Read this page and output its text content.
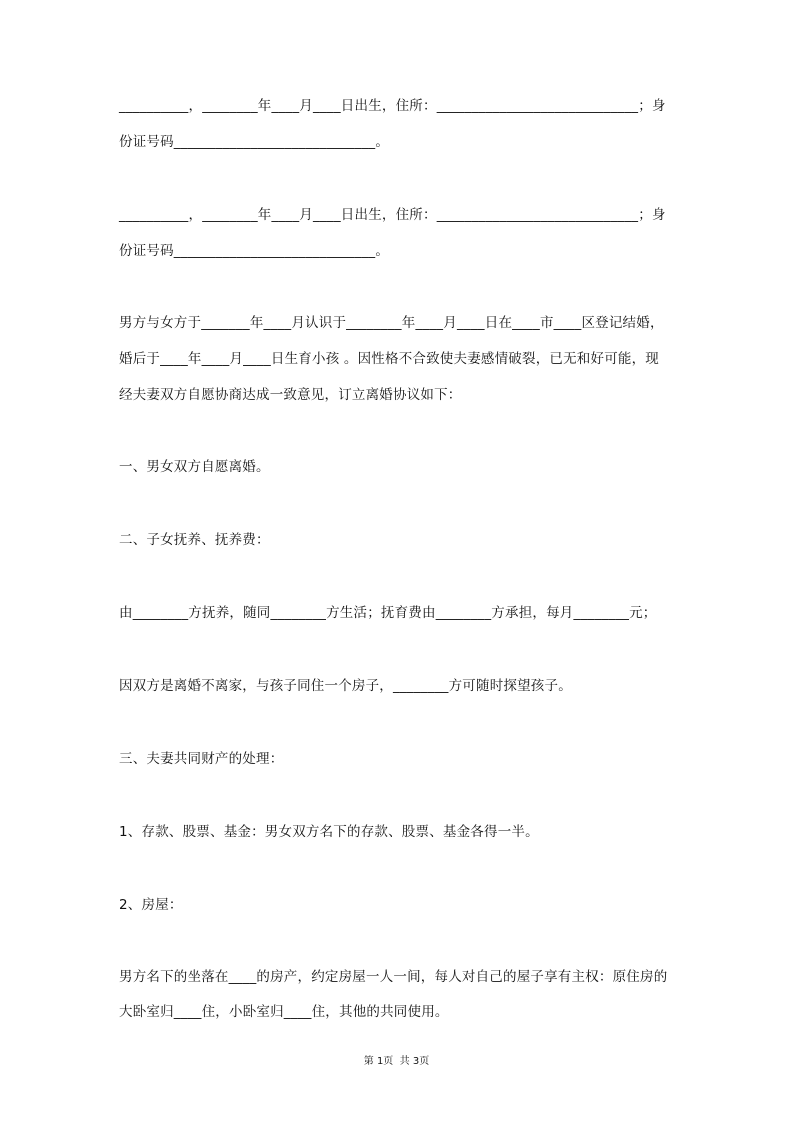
__________，________年____月____日出生，住所：_____________________________；身
份证号码_____________________________。
__________，________年____月____日出生，住所：_____________________________；身
份证号码_____________________________。
男方与女方于_______年____月认识于________年____月____日在____市____区登记结婚，
婚后于____年____月____日生育小孩 。因性格不合致使夫妻感情破裂，已无和好可能，现
经夫妻双方自愿协商达成一致意见，订立离婚协议如下：
一、男女双方自愿离婚。
二、子女抚养、抚养费：
由________方抚养，随同________方生活；抚育费由________方承担，每月________元；
因双方是离婚不离家，与孩子同住一个房子，________方可随时探望孩子。
三、夫妻共同财产的处理：
1、存款、股票、基金：男女双方名下的存款、股票、基金各得一半。
2、房屋：
男方名下的坐落在____的房产，约定房屋一人一间，每人对自己的屋子享有主权：原住房的
大卧室归____住，小卧室归____住，其他的共同使用。
第 1页  共 3页
